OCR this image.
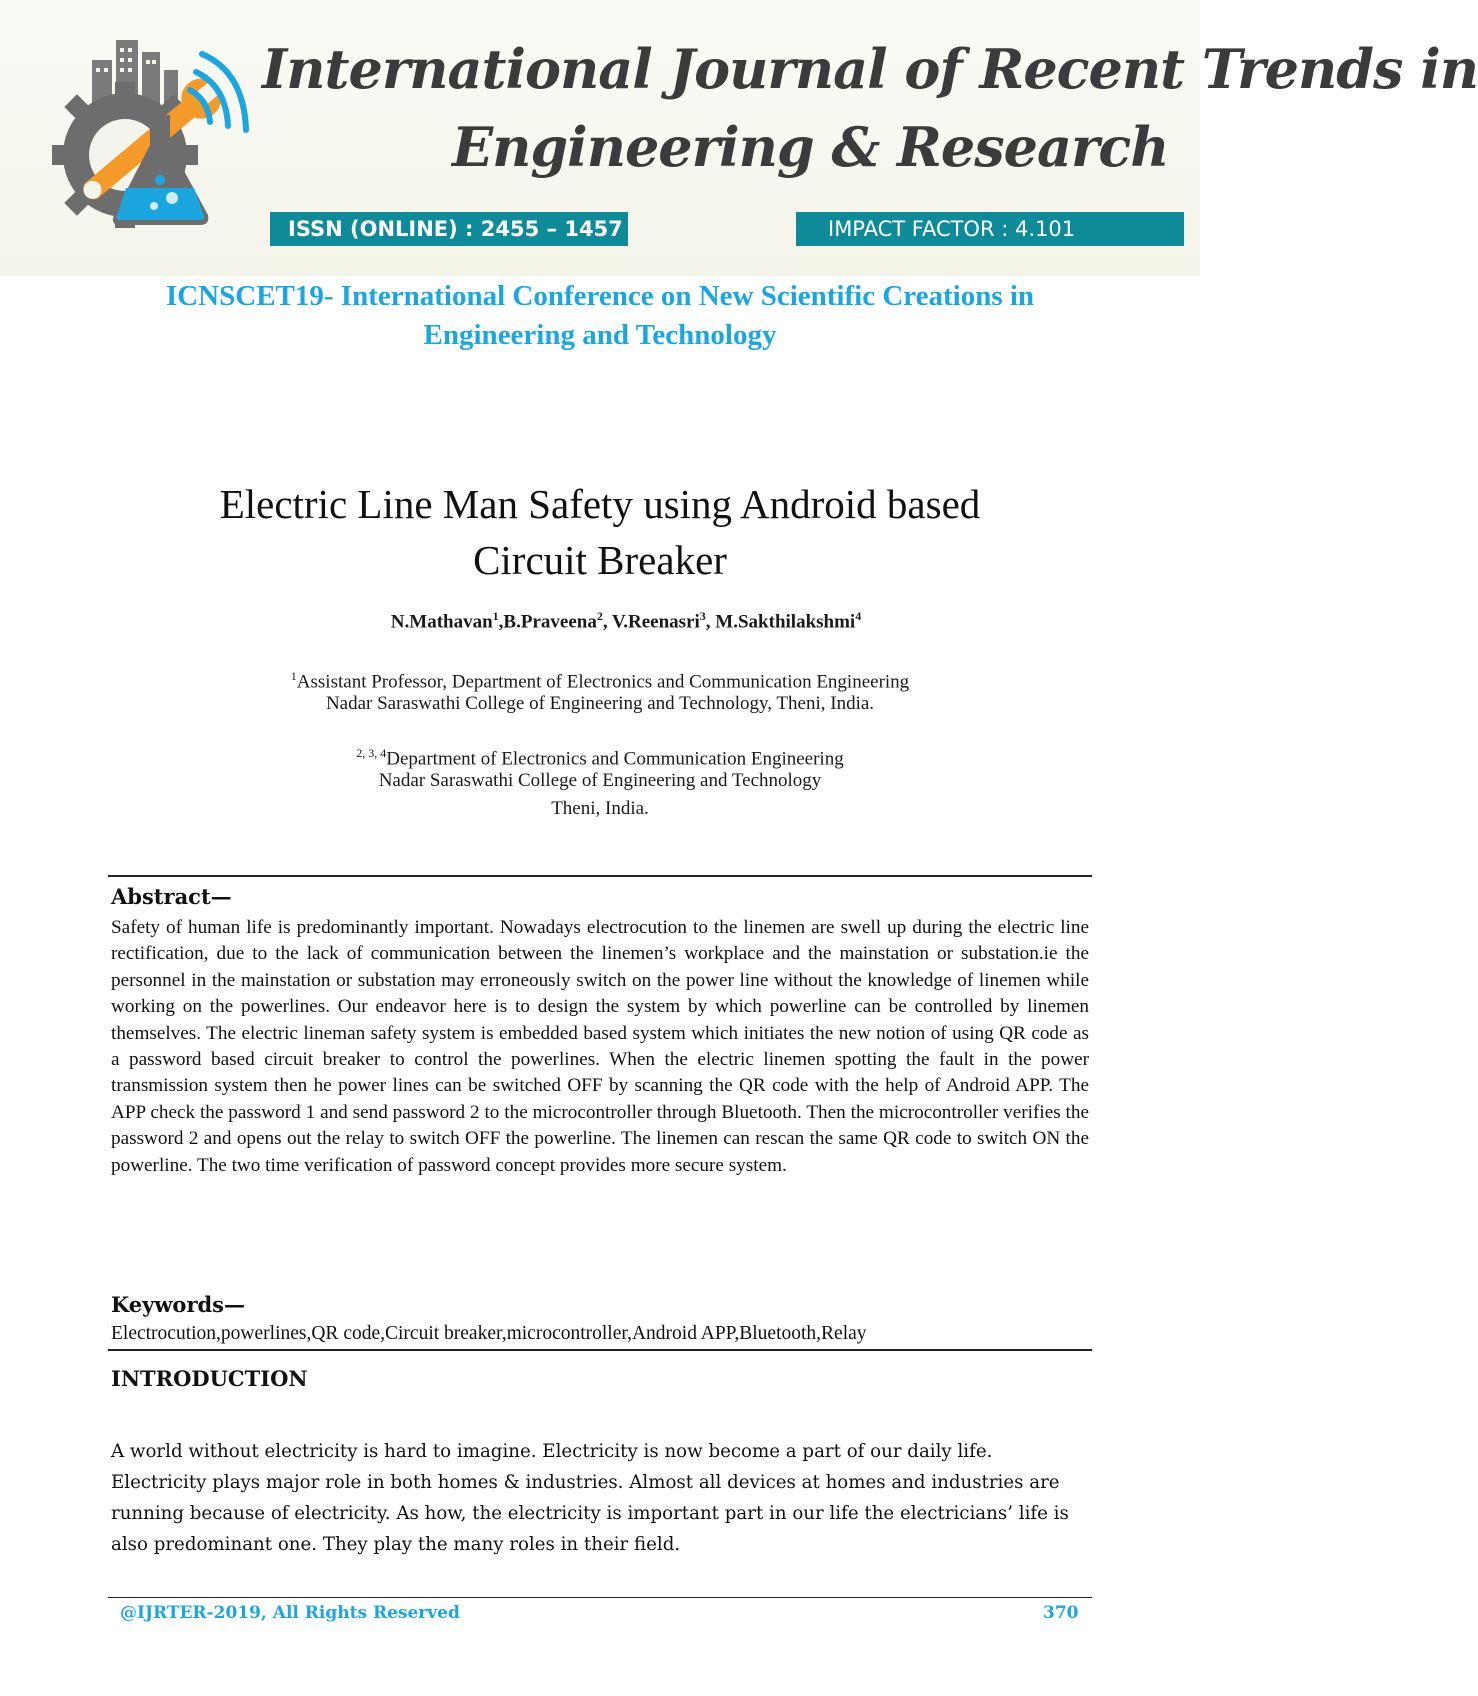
International Journal of Recent Trends in
Engineering & Research
ISSN (ONLINE) : 2455 – 1457	IMPACT FACTOR : 4.101
ICNSCET19- International Conference on New Scientific Creations in
Engineering and Technology
Electric Line Man Safety using Android based
Circuit Breaker
N.Mathavan$^1$,B.Praveena$^2$, V.Reenasri$^3$, M.Sakthilakshmi$^4$
$^1$Assistant Professor, Department of Electronics and Communication Engineering
Nadar Saraswathi College of Engineering and Technology, Theni, India.
$^{2, 3, 4}$Department of Electronics and Communication Engineering
Nadar Saraswathi College of Engineering and Technology
Theni, India.
Abstract—
Safety of human life is predominantly important. Nowadays electrocution to the linemen are swell up during the electric line rectification, due to the lack of communication between the linemen’s workplace and the mainstation or substation.ie the personnel in the mainstation or substation may erroneously switch on the power line without the knowledge of linemen while working on the powerlines. Our endeavor here is to design the system by which powerline can be controlled by linemen themselves. The electric lineman safety system is embedded based system which initiates the new notion of using QR code as a password based circuit breaker to control the powerlines. When the electric linemen spotting the fault in the power transmission system then he power lines can be switched OFF by scanning the QR code with the help of Android APP. The APP check the password 1 and send password 2 to the microcontroller through Bluetooth. Then the microcontroller verifies the password 2 and opens out the relay to switch OFF the powerline. The linemen can rescan the same QR code to switch ON the powerline. The two time verification of password concept provides more secure system.
Keywords—
Electrocution,powerlines,QR code,Circuit breaker,microcontroller,Android APP,Bluetooth,Relay
INTRODUCTION
A world without electricity is hard to imagine. Electricity is now become a part of our daily life. Electricity plays major role in both homes & industries. Almost all devices at homes and industries are running because of electricity. As how, the electricity is important part in our life the electricians’ life is also predominant one. They play the many roles in their field.
@IJRTER-2019, All Rights Reserved	370
